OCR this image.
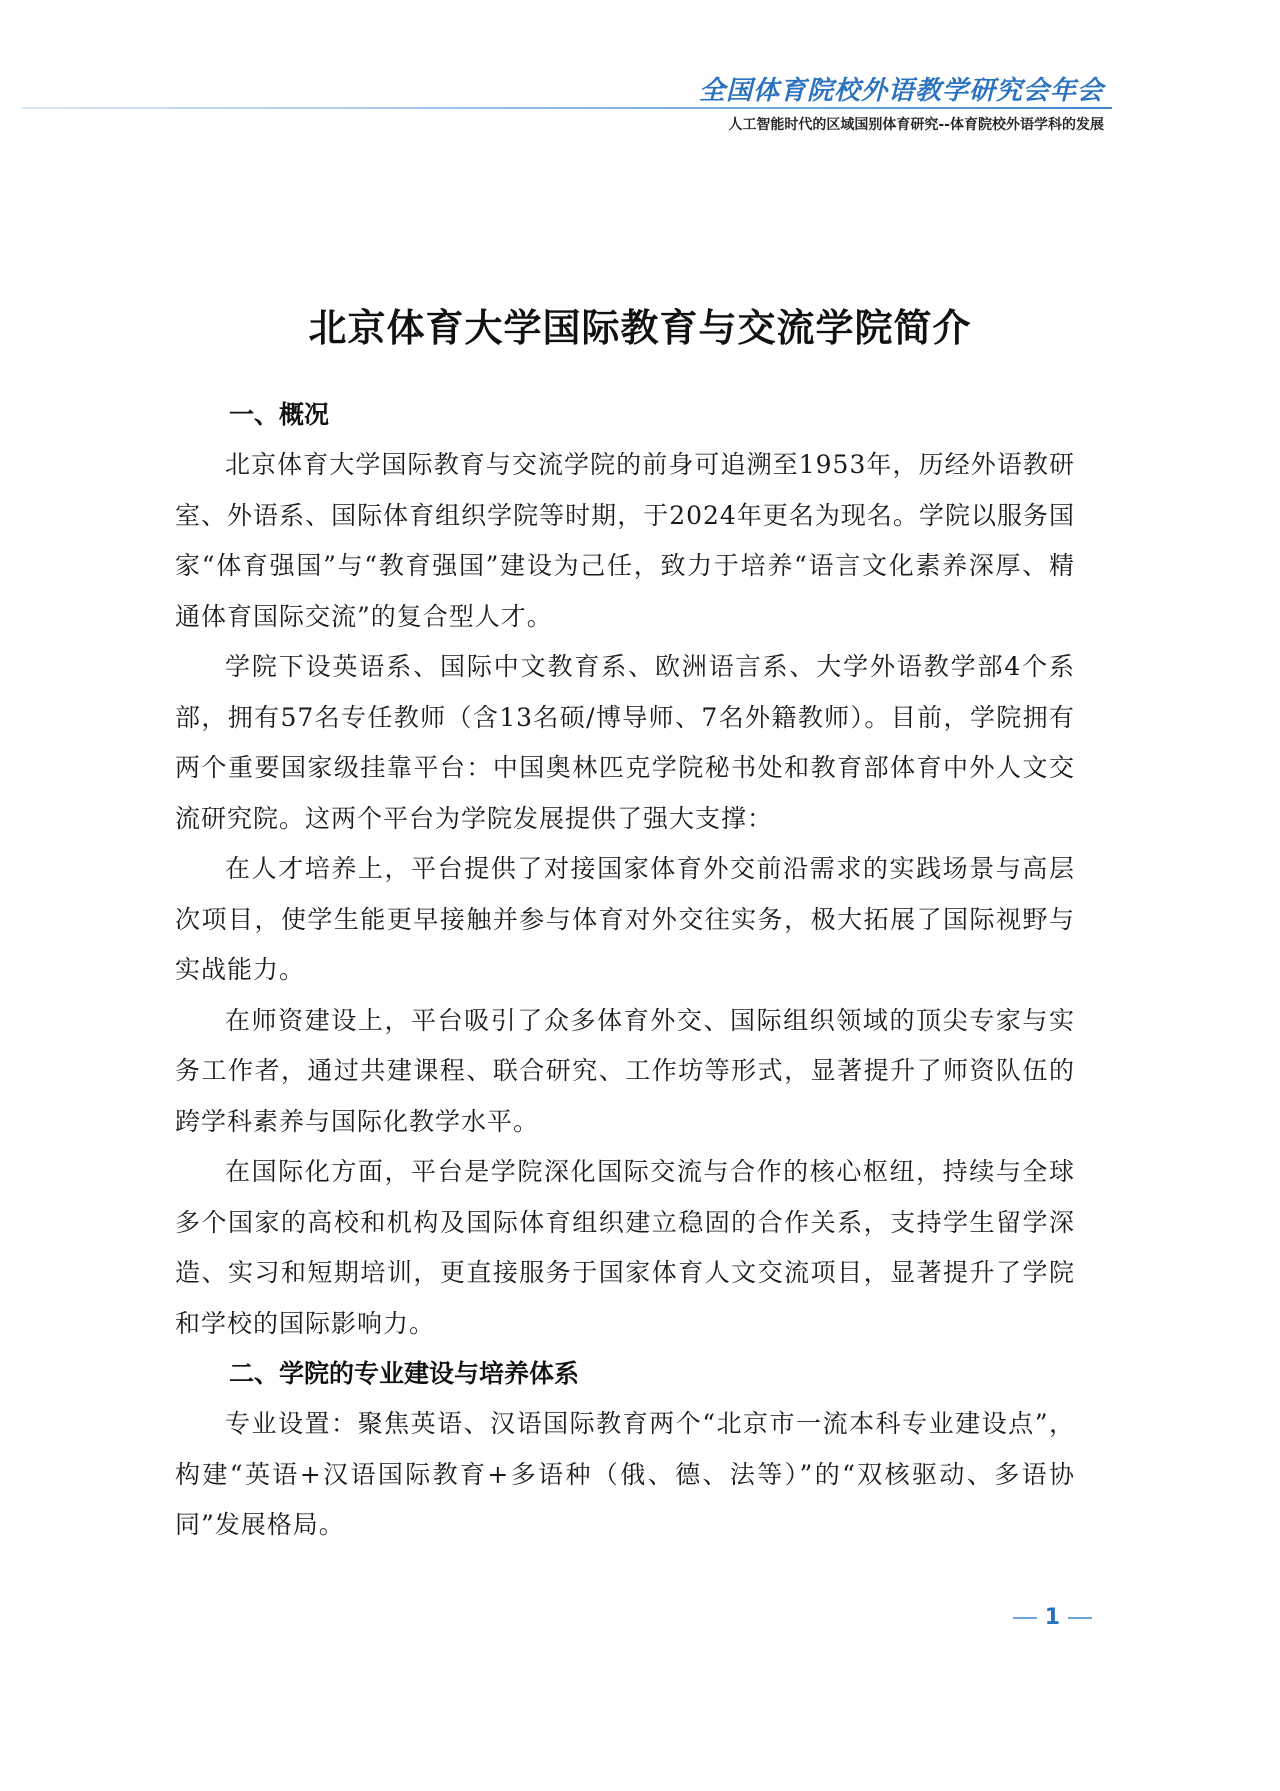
全国体育院校外语教学研究会年会
人工智能时代的区域国别体育研究--体育院校外语学科的发展
北京体育大学国际教育与交流学院简介
一、概况

北京体育大学国际教育与交流学院的前身可追溯至1953年，历经外语教研室、外语系、国际体育组织学院等时期，于2024年更名为现名。学院以服务国家“体育强国”与“教育强国”建设为己任，致力于培养“语言文化素养深厚、精通体育国际交流”的复合型人才。

学院下设英语系、国际中文教育系、欧洲语言系、大学外语教学部4个系部，拥有57名专任教师（含13名硕/博导师、7名外籍教师）。目前，学院拥有两个重要国家级挂靠平台：中国奥林匹克学院秘书处和教育部体育中外人文交流研究院。这两个平台为学院发展提供了强大支撑：

在人才培养上，平台提供了对接国家体育外交前沿需求的实践场景与高层次项目，使学生能更早接触并参与体育对外交往实务，极大拓展了国际视野与实战能力。

在师资建设上，平台吸引了众多体育外交、国际组织领域的顶尖专家与实务工作者，通过共建课程、联合研究、工作坊等形式，显著提升了师资队伍的跨学科素养与国际化教学水平。

在国际化方面，平台是学院深化国际交流与合作的核心枢纽，持续与全球多个国家的高校和机构及国际体育组织建立稳固的合作关系，支持学生留学深造、实习和短期培训，更直接服务于国家体育人文交流项目，显著提升了学院和学校的国际影响力。

二、学院的专业建设与培养体系

专业设置：聚焦英语、汉语国际教育两个“北京市一流本科专业建设点”，构建“英语+汉语国际教育+多语种（俄、德、法等）”的“双核驱动、多语协同”发展格局。

1
